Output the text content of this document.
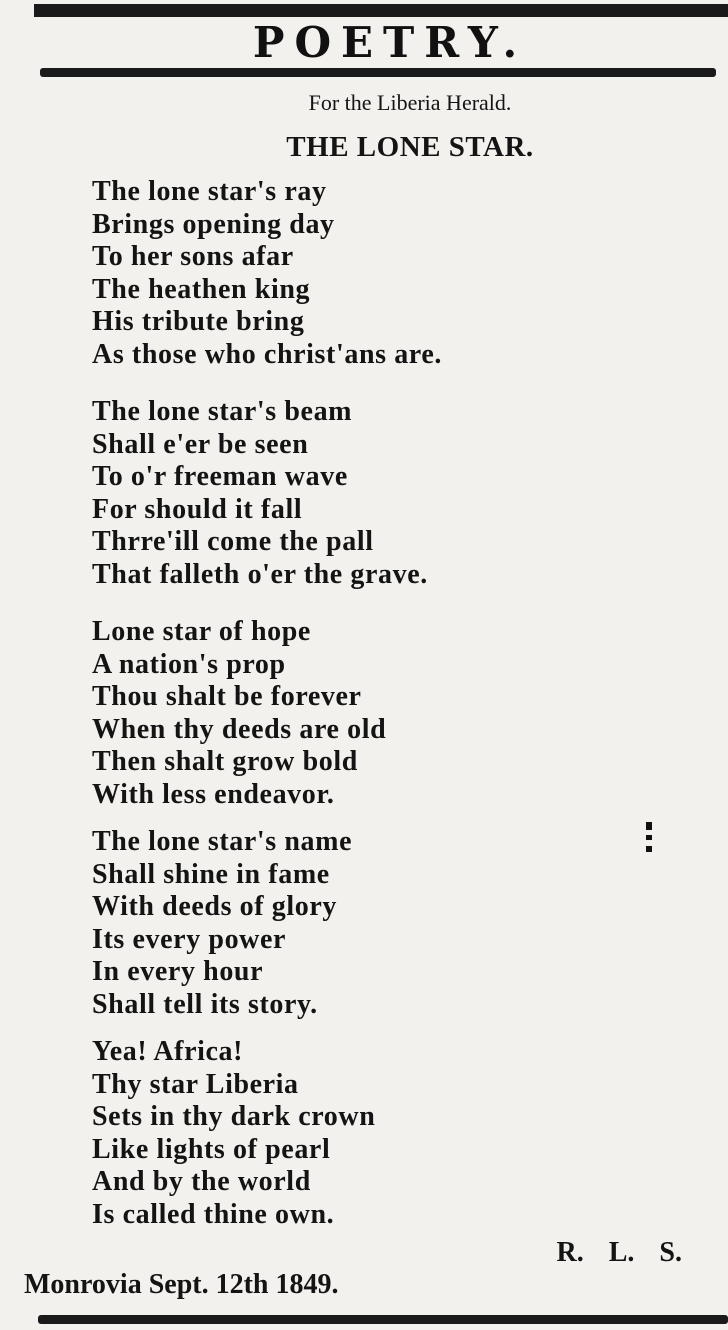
POETRY.
For the Liberia Herald.
THE LONE STAR.
The lone star's ray
Brings opening day
To her sons afar
The heathen king
His tribute bring
As those who christ'ans are.
The lone star's beam
Shall e'er be seen
To o'r freeman wave
For should it fall
Thrre'ill come the pall
That falleth o'er the grave.
Lone star of hope
A nation's prop
Thou shalt be forever
When thy deeds are old
Then shalt grow bold
With less endeavor.
The lone star's name
Shall shine in fame
With deeds of glory
Its every power
In every hour
Shall tell its story.
Yea! Africa!
Thy star Liberia
Sets in thy dark crown
Like lights of pearl
And by the world
Is called thine own.
R. L. S.
Monrovia Sept. 12th 1849.
